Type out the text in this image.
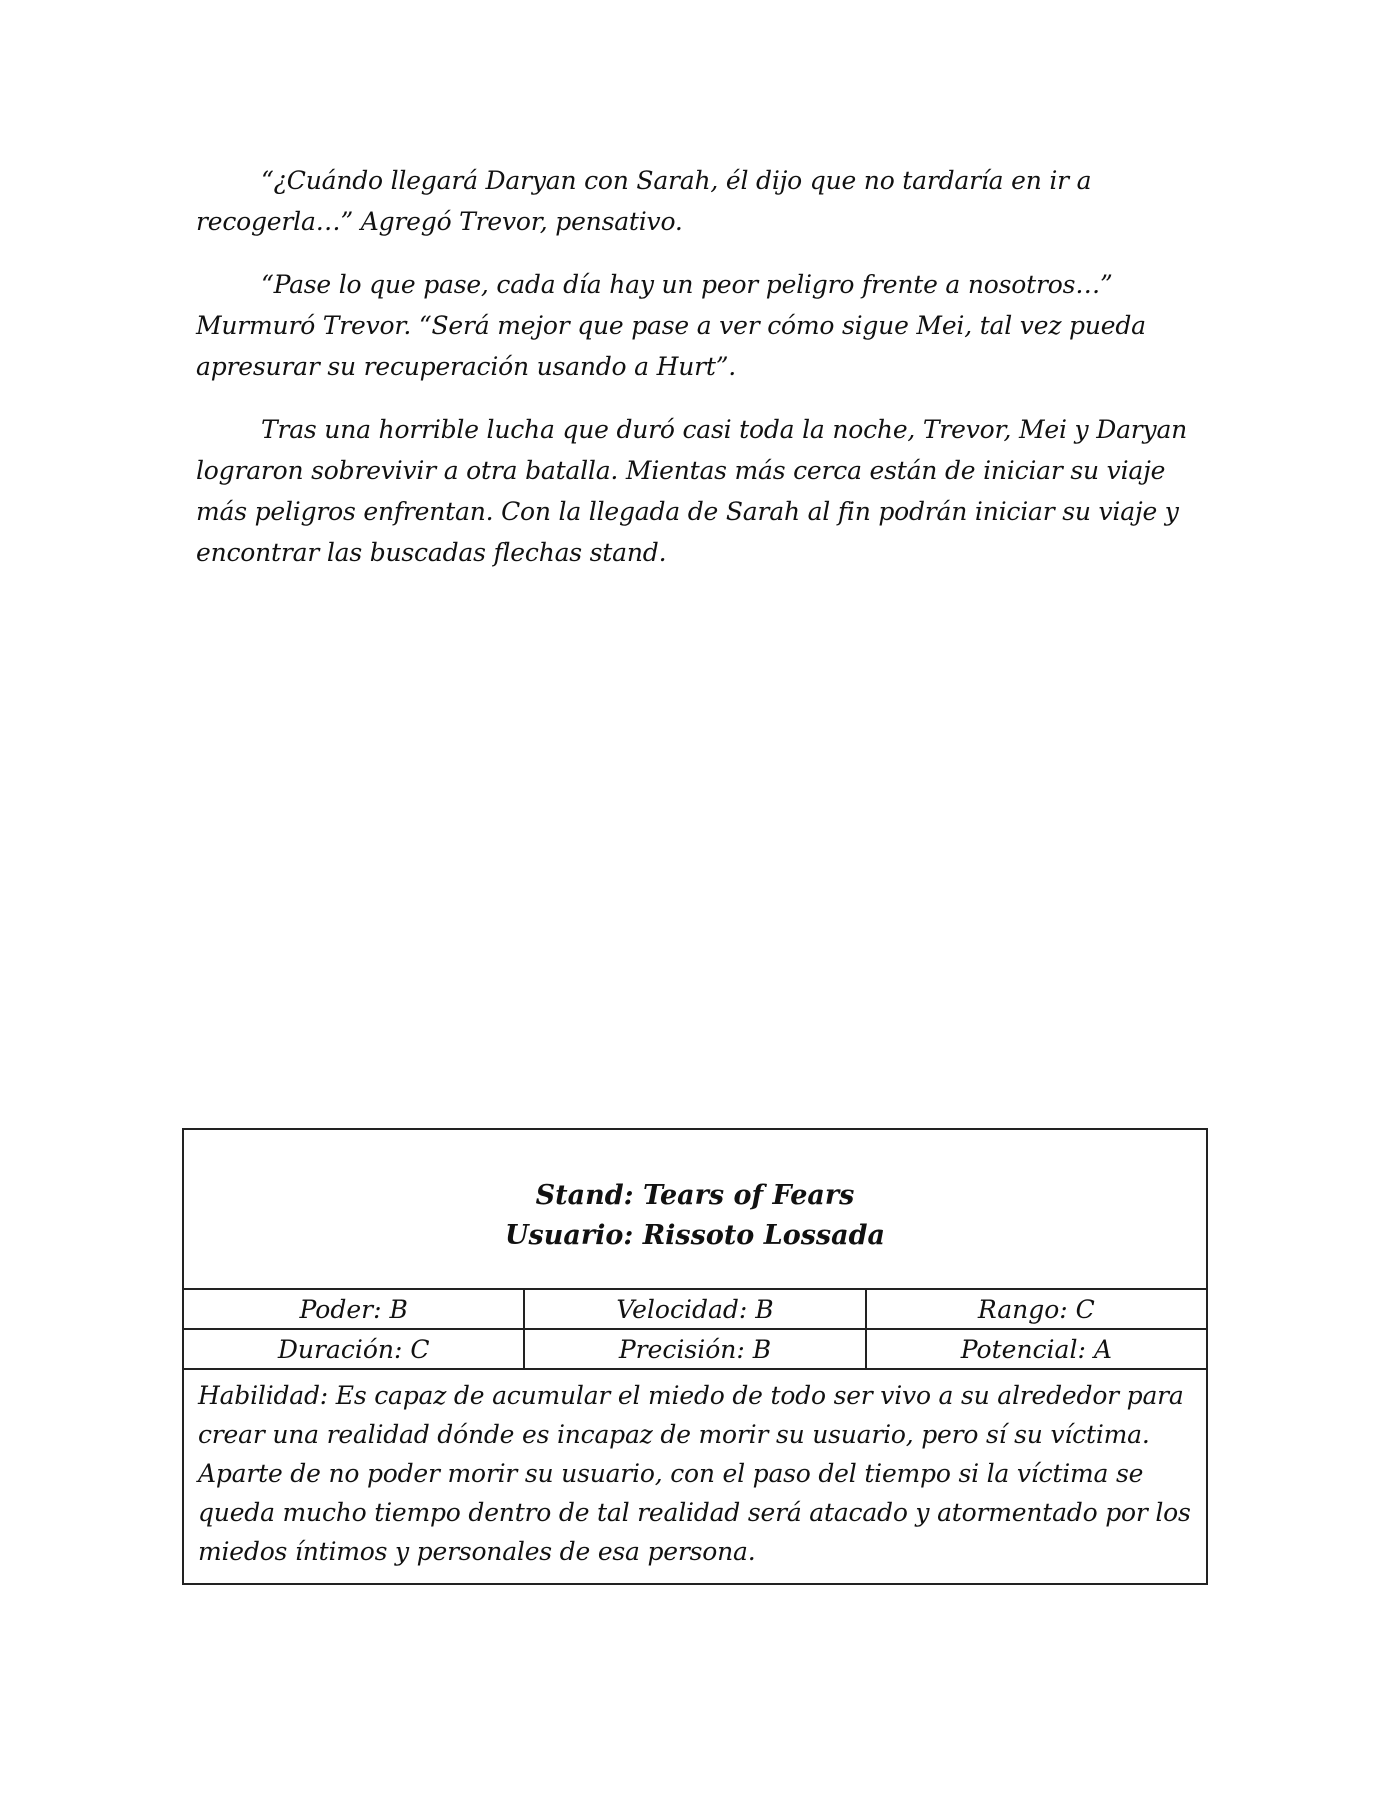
“¿Cuándo llegará Daryan con Sarah, él dijo que no tardaría en ir a recogerla…” Agregó Trevor, pensativo.

“Pase lo que pase, cada día hay un peor peligro frente a nosotros…” Murmuró Trevor. “Será mejor que pase a ver cómo sigue Mei, tal vez pueda apresurar su recuperación usando a Hurt”.

Tras una horrible lucha que duró casi toda la noche, Trevor, Mei y Daryan lograron sobrevivir a otra batalla. Mientas más cerca están de iniciar su viaje más peligros enfrentan. Con la llegada de Sarah al fin podrán iniciar su viaje y encontrar las buscadas flechas stand.

Stand: Tears of Fears
Usuario: Rissoto Lossada
Poder: B	Velocidad: B	Rango: C
Duración: C	Precisión: B	Potencial: A
Habilidad: Es capaz de acumular el miedo de todo ser vivo a su alrededor para crear una realidad dónde es incapaz de morir su usuario, pero sí su víctima. Aparte de no poder morir su usuario, con el paso del tiempo si la víctima se queda mucho tiempo dentro de tal realidad será atacado y atormentado por los miedos íntimos y personales de esa persona.
